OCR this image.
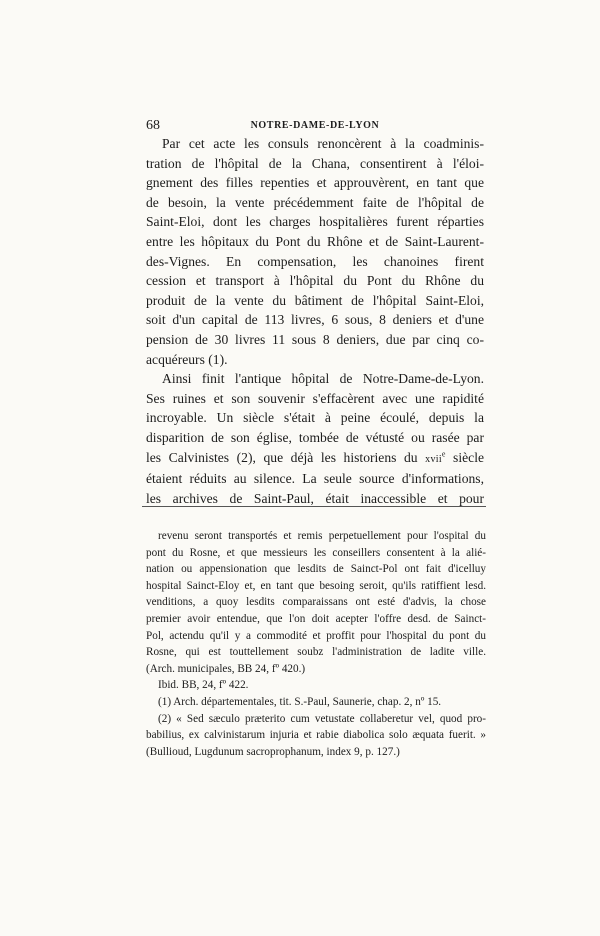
68	NOTRE-DAME-DE-LYON
Par cet acte les consuls renoncèrent à la coadminis-
tration de l'hôpital de la Chana, consentirent à l'éloi-
gnement des filles repenties et approuvèrent, en tant que
de besoin, la vente précédemment faite de l'hôpital de
Saint-Eloi, dont les charges hospitalières furent réparties
entre les hôpitaux du Pont du Rhône et de Saint-Laurent-
des-Vignes. En compensation, les chanoines firent
cession et transport à l'hôpital du Pont du Rhône du
produit de la vente du bâtiment de l'hôpital Saint-Eloi,
soit d'un capital de 113 livres, 6 sous, 8 deniers et d'une
pension de 30 livres 11 sous 8 deniers, due par cinq co-
acquéreurs (1).
Ainsi finit l'antique hôpital de Notre-Dame-de-Lyon.
Ses ruines et son souvenir s'effacèrent avec une rapidité
incroyable. Un siècle s'était à peine écoulé, depuis la
disparition de son église, tombée de vétusté ou rasée par
les Calvinistes (2), que déjà les historiens du xvii$^e$ siècle
étaient réduits au silence. La seule source d'informations,
les archives de Saint-Paul, était inaccessible et pour
revenu seront transportés et remis perpetuellement pour l'ospital du
pont du Rosne, et que messieurs les conseillers consentent à la alié-
nation ou appensionation que lesdits de Sainct-Pol ont fait d'icelluy
hospital Sainct-Eloy et, en tant que besoing seroit, qu'ils ratiffient lesd.
venditions, a quoy lesdits comparaissans ont esté d'advis, la chose
premier avoir entendue, que l'on doit acepter l'offre desd. de Sainct-
Pol, actendu qu'il y a commodité et proffit pour l'hospital du pont du
Rosne, qui est touttellement soubz l'administration de ladite ville.
(Arch. municipales, BB 24, fº 420.)
Ibid. BB, 24, fº 422.
(1) Arch. départementales, tit. S.-Paul, Saunerie, chap. 2, nº 15.
(2) « Sed sæculo præterito cum vetustate collaberetur vel, quod pro-
babilius, ex calvinistarum injuria et rabie diabolica solo æquata fuerit. »
(Bullioud, Lugdunum sacroprophanum, index 9, p. 127.)
